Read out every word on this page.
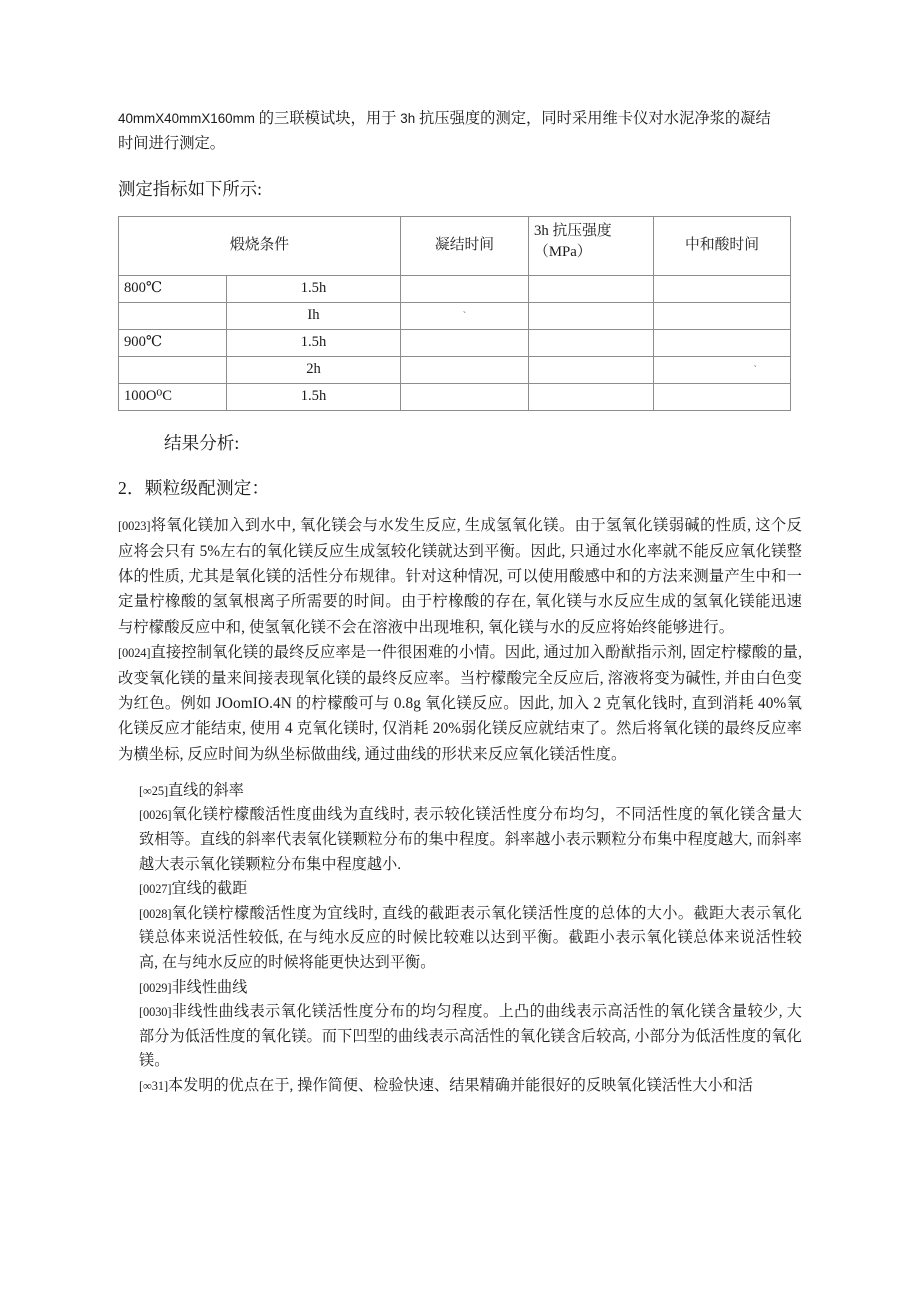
40mmX40mmX160mm 的三联模试块，用于 3h 抗压强度的测定，同时采用维卡仪对水泥净浆的凝结
时间进行测定。

测定指标如下所示:

煅烧条件		凝结时间	3h 抗压强度（MPa）	中和酸时间
800℃	1.5h			
	Ih	`		
900℃	1.5h			
	2h			`
100O⁰C	1.5h			

结果分析:

2．颗粒级配测定：

[0023]将氧化镁加入到水中, 氧化镁会与水发生反应, 生成氢氧化镁。由于氢氧化镁弱碱的性质, 这个反应将会只有 5%左右的氧化镁反应生成氢较化镁就达到平衡。因此, 只通过水化率就不能反应氧化镁整体的性质, 尤其是氧化镁的活性分布规律。针对这种情况, 可以使用酸感中和的方法来测量产生中和一定量柠橡酸的氢氧根离子所需要的时间。由于柠橡酸的存在, 氧化镁与水反应生成的氢氧化镁能迅速与柠檬酸反应中和, 使氢氧化镁不会在溶液中出现堆积, 氧化镁与水的反应将始终能够进行。

[0024]直接控制氧化镁的最终反应率是一件很困难的小情。因此, 通过加入酚猷指示剂, 固定柠檬酸的量, 改变氧化镁的量来间接表现氧化镁的最终反应率。当柠檬酸完全反应后, 溶液将变为碱性, 并由白色变为红色。例如 JOomIO.4N 的柠檬酸可与 0.8g 氧化镁反应。因此, 加入 2 克氧化钱时, 直到消耗 40%氧化镁反应才能结束, 使用 4 克氧化镁时, 仅消耗 20%弱化镁反应就结束了。然后将氧化镁的最终反应率为横坐标, 反应时间为纵坐标做曲线, 通过曲线的形状来反应氧化镁活性度。

[∞25]直线的斜率

[0026]氧化镁柠檬酸活性度曲线为直线时, 表示较化镁活性度分布均匀，不同活性度的氧化镁含量大致相等。直线的斜率代表氧化镁颗粒分布的集中程度。斜率越小表示颗粒分布集中程度越大, 而斜率越大表示氧化镁颗粒分布集中程度越小.

[0027]宜线的截距

[0028]氧化镁柠檬酸活性度为宜线时, 直线的截距表示氧化镁活性度的总体的大小。截距大表示氧化镁总体来说活性较低, 在与纯水反应的时候比较难以达到平衡。截距小表示氧化镁总体来说活性较高, 在与纯水反应的时候将能更快达到平衡。

[0029]非线性曲线

[0030]非线性曲线表示氧化镁活性度分布的均匀程度。上凸的曲线表示高活性的氧化镁含量较少, 大部分为低活性度的氧化镁。而下凹型的曲线表示高活性的氧化镁含后较高, 小部分为低活性度的氧化镁。

[∞31]本发明的优点在于, 操作简便、检验快速、结果精确并能很好的反映氧化镁活性大小和活
